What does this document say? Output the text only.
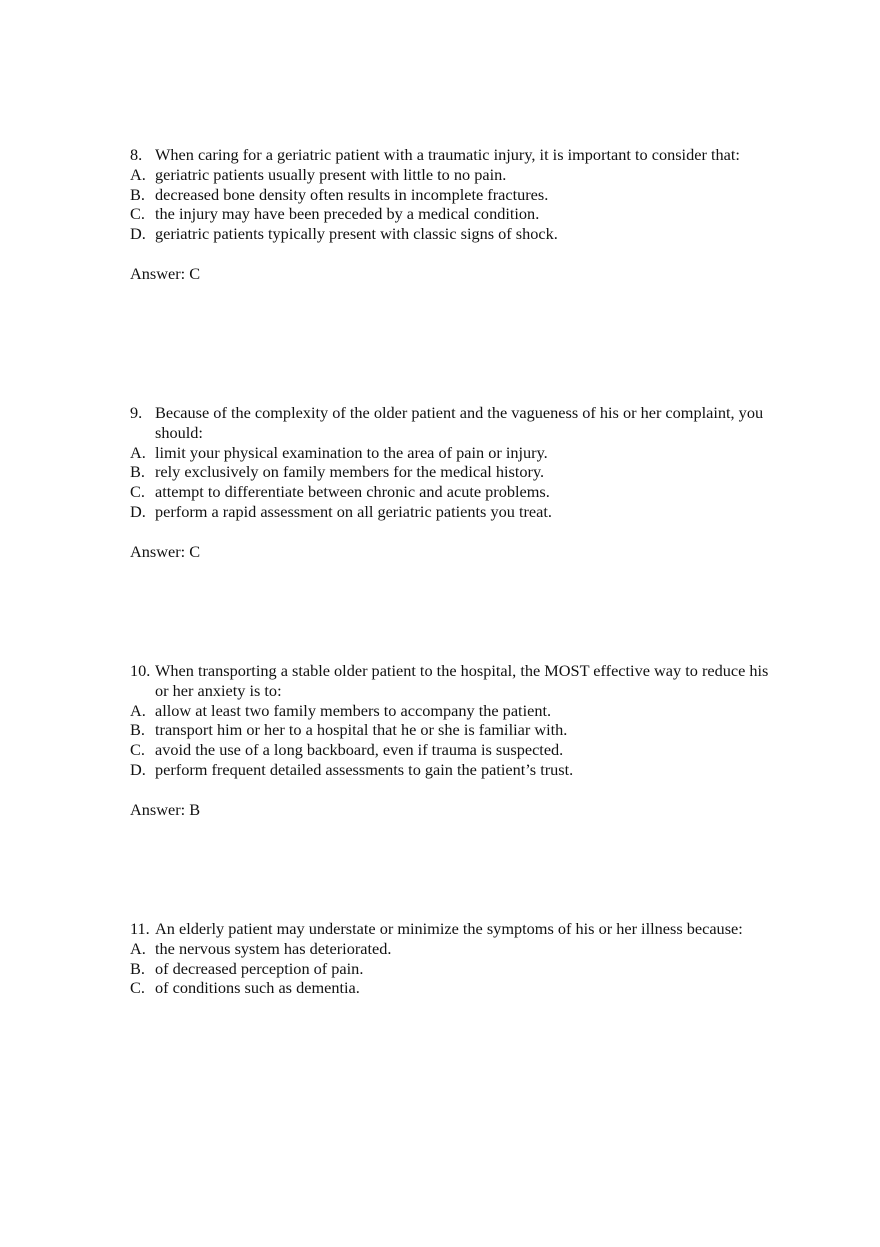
8. When caring for a geriatric patient with a traumatic injury, it is important to consider that:
A. geriatric patients usually present with little to no pain.
B. decreased bone density often results in incomplete fractures.
C. the injury may have been preceded by a medical condition.
D. geriatric patients typically present with classic signs of shock.
Answer: C
9. Because of the complexity of the older patient and the vagueness of his or her complaint, you should:
A. limit your physical examination to the area of pain or injury.
B. rely exclusively on family members for the medical history.
C. attempt to differentiate between chronic and acute problems.
D. perform a rapid assessment on all geriatric patients you treat.
Answer: C
10. When transporting a stable older patient to the hospital, the MOST effective way to reduce his or her anxiety is to:
A. allow at least two family members to accompany the patient.
B. transport him or her to a hospital that he or she is familiar with.
C. avoid the use of a long backboard, even if trauma is suspected.
D. perform frequent detailed assessments to gain the patient’s trust.
Answer: B
11. An elderly patient may understate or minimize the symptoms of his or her illness because:
A. the nervous system has deteriorated.
B. of decreased perception of pain.
C. of conditions such as dementia.
